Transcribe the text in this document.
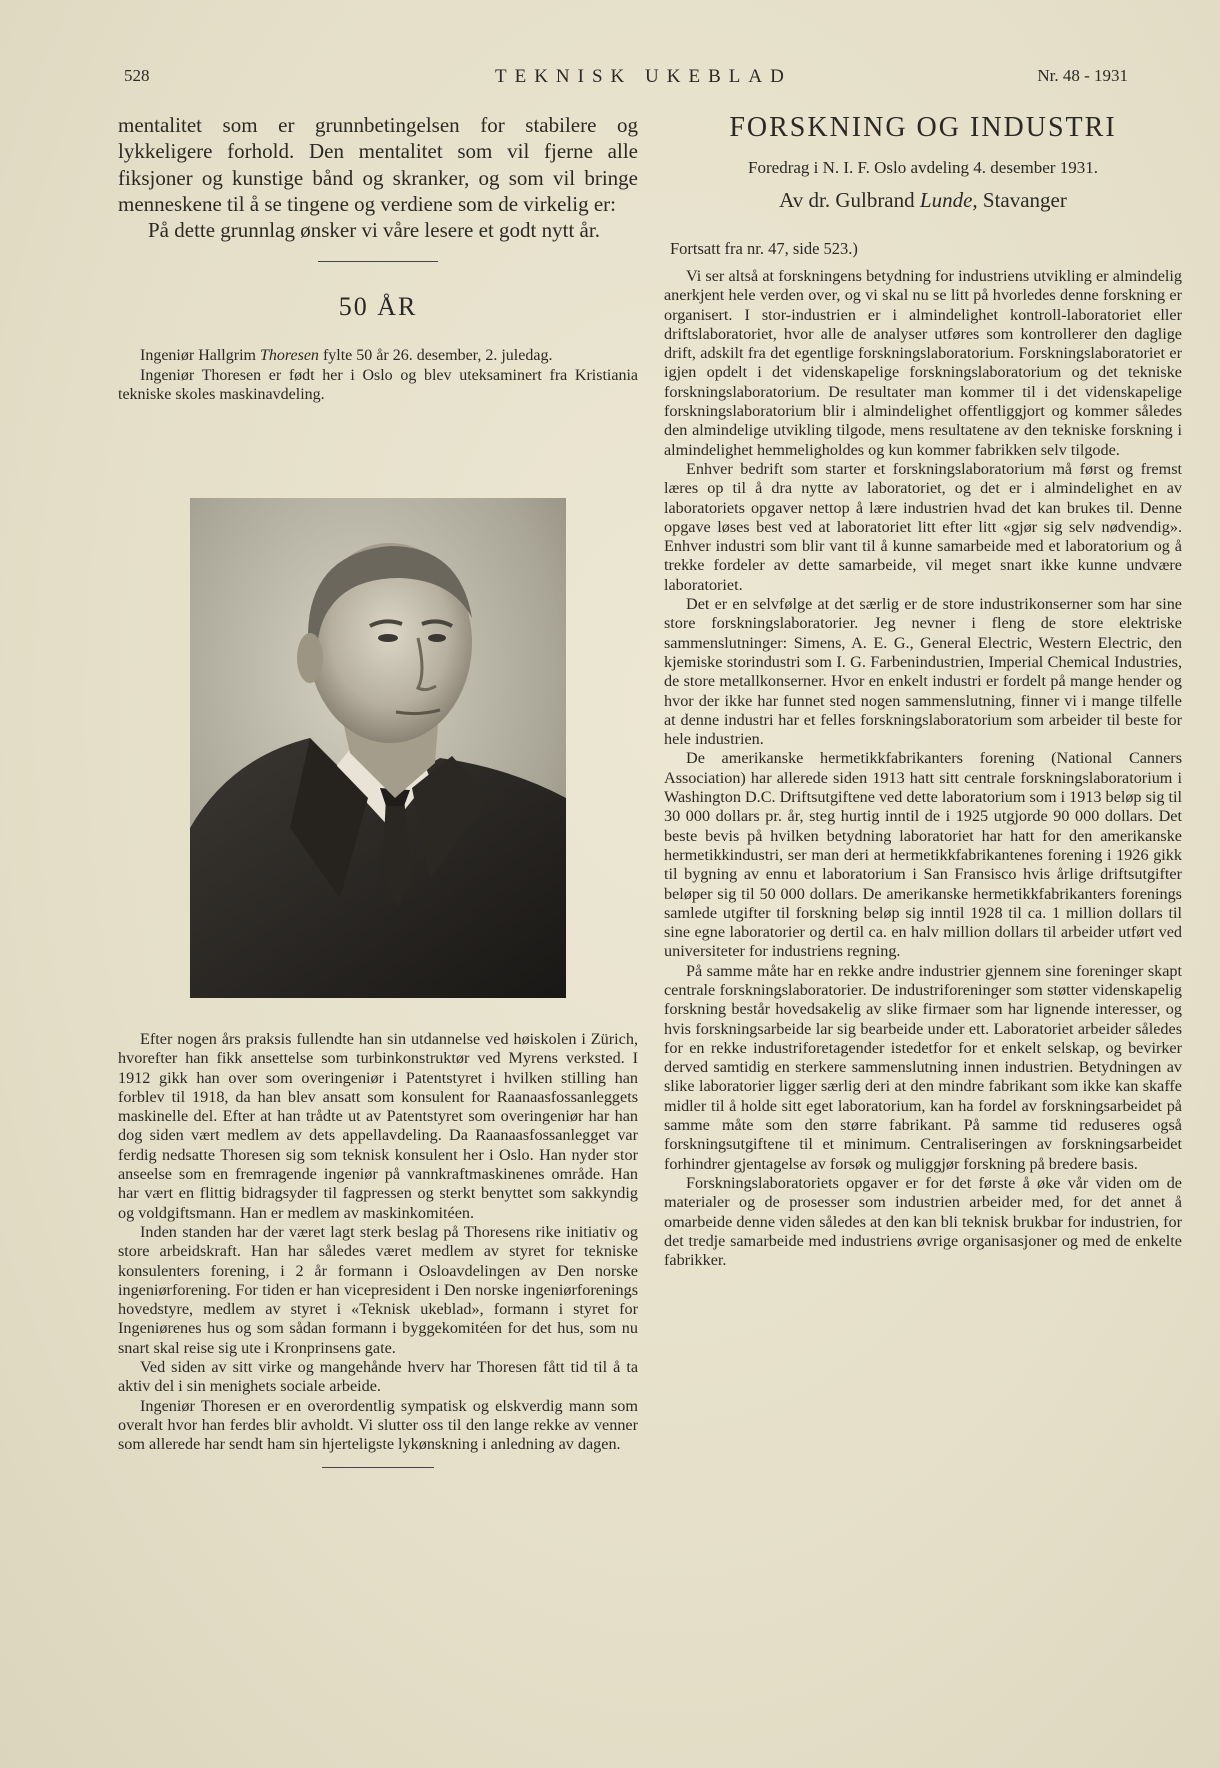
528	TEKNISK UKEBLAD	Nr. 48 - 1931

mentalitet som er grunnbetingelsen for stabilere og lykkeligere forhold. Den mentalitet som vil fjerne alle fiksjoner og kunstige bånd og skranker, og som vil bringe menneskene til å se tingene og verdiene som de virkelig er:

På dette grunnlag ønsker vi våre lesere et godt nytt år.

50 ÅR

Ingeniør Hallgrim Thoresen fylte 50 år 26. desember, 2. juledag.

Ingeniør Thoresen er født her i Oslo og blev uteksaminert fra Kristiania tekniske skoles maskinavdeling.

Efter nogen års praksis fullendte han sin utdannelse ved høiskolen i Zürich, hvorefter han fikk ansettelse som turbinkonstruktør ved Myrens verksted. I 1912 gikk han over som overingeniør i Patentstyret i hvilken stilling han forblev til 1918, da han blev ansatt som konsulent for Raanaasfossanleggets maskinelle del. Efter at han trådte ut av Patentstyret som overingeniør har han dog siden vært medlem av dets appellavdeling. Da Raanaasfossanlegget var ferdig nedsatte Thoresen sig som teknisk konsulent her i Oslo. Han nyder stor anseelse som en fremragende ingeniør på vannkraftmaskinenes område. Han har vært en flittig bidragsyder til fagpressen og sterkt benyttet som sakkyndig og voldgiftsmann. Han er medlem av maskinkomitéen.

Inden standen har der været lagt sterk beslag på Thoresens rike initiativ og store arbeidskraft. Han har således været medlem av styret for tekniske konsulenters forening, i 2 år formann i Osloavdelingen av Den norske ingeniørforening. For tiden er han vicepresident i Den norske ingeniørforenings hovedstyre, medlem av styret i «Teknisk ukeblad», formann i styret for Ingeniørenes hus og som sådan formann i byggekomitéen for det hus, som nu snart skal reise sig ute i Kronprinsens gate.

Ved siden av sitt virke og mangehånde hverv har Thoresen fått tid til å ta aktiv del i sin menighets sociale arbeide.

Ingeniør Thoresen er en overordentlig sympatisk og elskverdig mann som overalt hvor han ferdes blir avholdt. Vi slutter oss til den lange rekke av venner som allerede har sendt ham sin hjerteligste lykønskning i anledning av dagen.

FORSKNING OG INDUSTRI
Foredrag i N. I. F. Oslo avdeling 4. desember 1931.
Av dr. Gulbrand Lunde, Stavanger
Fortsatt fra nr. 47, side 523.)

Vi ser altså at forskningens betydning for industriens utvikling er almindelig anerkjent hele verden over, og vi skal nu se litt på hvorledes denne forskning er organisert. I stor-industrien er i almindelighet kontroll-laboratoriet eller driftslaboratoriet, hvor alle de analyser utføres som kontrollerer den daglige drift, adskilt fra det egentlige forskningslaboratorium. Forskningslaboratoriet er igjen opdelt i det videnskapelige forskningslaboratorium og det tekniske forskningslaboratorium. De resultater man kommer til i det videnskapelige forskningslaboratorium blir i almindelighet offentliggjort og kommer således den almindelige utvikling tilgode, mens resultatene av den tekniske forskning i almindelighet hemmeligholdes og kun kommer fabrikken selv tilgode.

Enhver bedrift som starter et forskningslaboratorium må først og fremst læres op til å dra nytte av laboratoriet, og det er i almindelighet en av laboratoriets opgaver nettop å lære industrien hvad det kan brukes til. Denne opgave løses best ved at laboratoriet litt efter litt «gjør sig selv nødvendig». Enhver industri som blir vant til å kunne samarbeide med et laboratorium og å trekke fordeler av dette samarbeide, vil meget snart ikke kunne undvære laboratoriet.

Det er en selvfølge at det særlig er de store industrikonserner som har sine store forskningslaboratorier. Jeg nevner i fleng de store elektriske sammenslutninger: Simens, A. E. G., General Electric, Western Electric, den kjemiske storindustri som I. G. Farbenindustrien, Imperial Chemical Industries, de store metallkonserner. Hvor en enkelt industri er fordelt på mange hender og hvor der ikke har funnet sted nogen sammenslutning, finner vi i mange tilfelle at denne industri har et felles forskningslaboratorium som arbeider til beste for hele industrien.

De amerikanske hermetikkfabrikanters forening (National Canners Association) har allerede siden 1913 hatt sitt centrale forskningslaboratorium i Washington D.C. Driftsutgiftene ved dette laboratorium som i 1913 beløp sig til 30 000 dollars pr. år, steg hurtig inntil de i 1925 utgjorde 90 000 dollars. Det beste bevis på hvilken betydning laboratoriet har hatt for den amerikanske hermetikkindustri, ser man deri at hermetikkfabrikantenes forening i 1926 gikk til bygning av ennu et laboratorium i San Fransisco hvis årlige driftsutgifter beløper sig til 50 000 dollars. De amerikanske hermetikkfabrikanters forenings samlede utgifter til forskning beløp sig inntil 1928 til ca. 1 million dollars til sine egne laboratorier og dertil ca. en halv million dollars til arbeider utført ved universiteter for industriens regning.

På samme måte har en rekke andre industrier gjennem sine foreninger skapt centrale forskningslaboratorier. De industriforeninger som støtter videnskapelig forskning består hovedsakelig av slike firmaer som har lignende interesser, og hvis forskningsarbeide lar sig bearbeide under ett. Laboratoriet arbeider således for en rekke industriforetagender istedetfor for et enkelt selskap, og bevirker derved samtidig en sterkere sammenslutning innen industrien. Betydningen av slike laboratorier ligger særlig deri at den mindre fabrikant som ikke kan skaffe midler til å holde sitt eget laboratorium, kan ha fordel av forskningsarbeidet på samme måte som den større fabrikant. På samme tid reduseres også forskningsutgiftene til et minimum. Centraliseringen av forskningsarbeidet forhindrer gjentagelse av forsøk og muliggjør forskning på bredere basis.

Forskningslaboratoriets opgaver er for det første å øke vår viden om de materialer og de prosesser som industrien arbeider med, for det annet å omarbeide denne viden således at den kan bli teknisk brukbar for industrien, for det tredje samarbeide med industriens øvrige organisasjoner og med de enkelte fabrikker.
